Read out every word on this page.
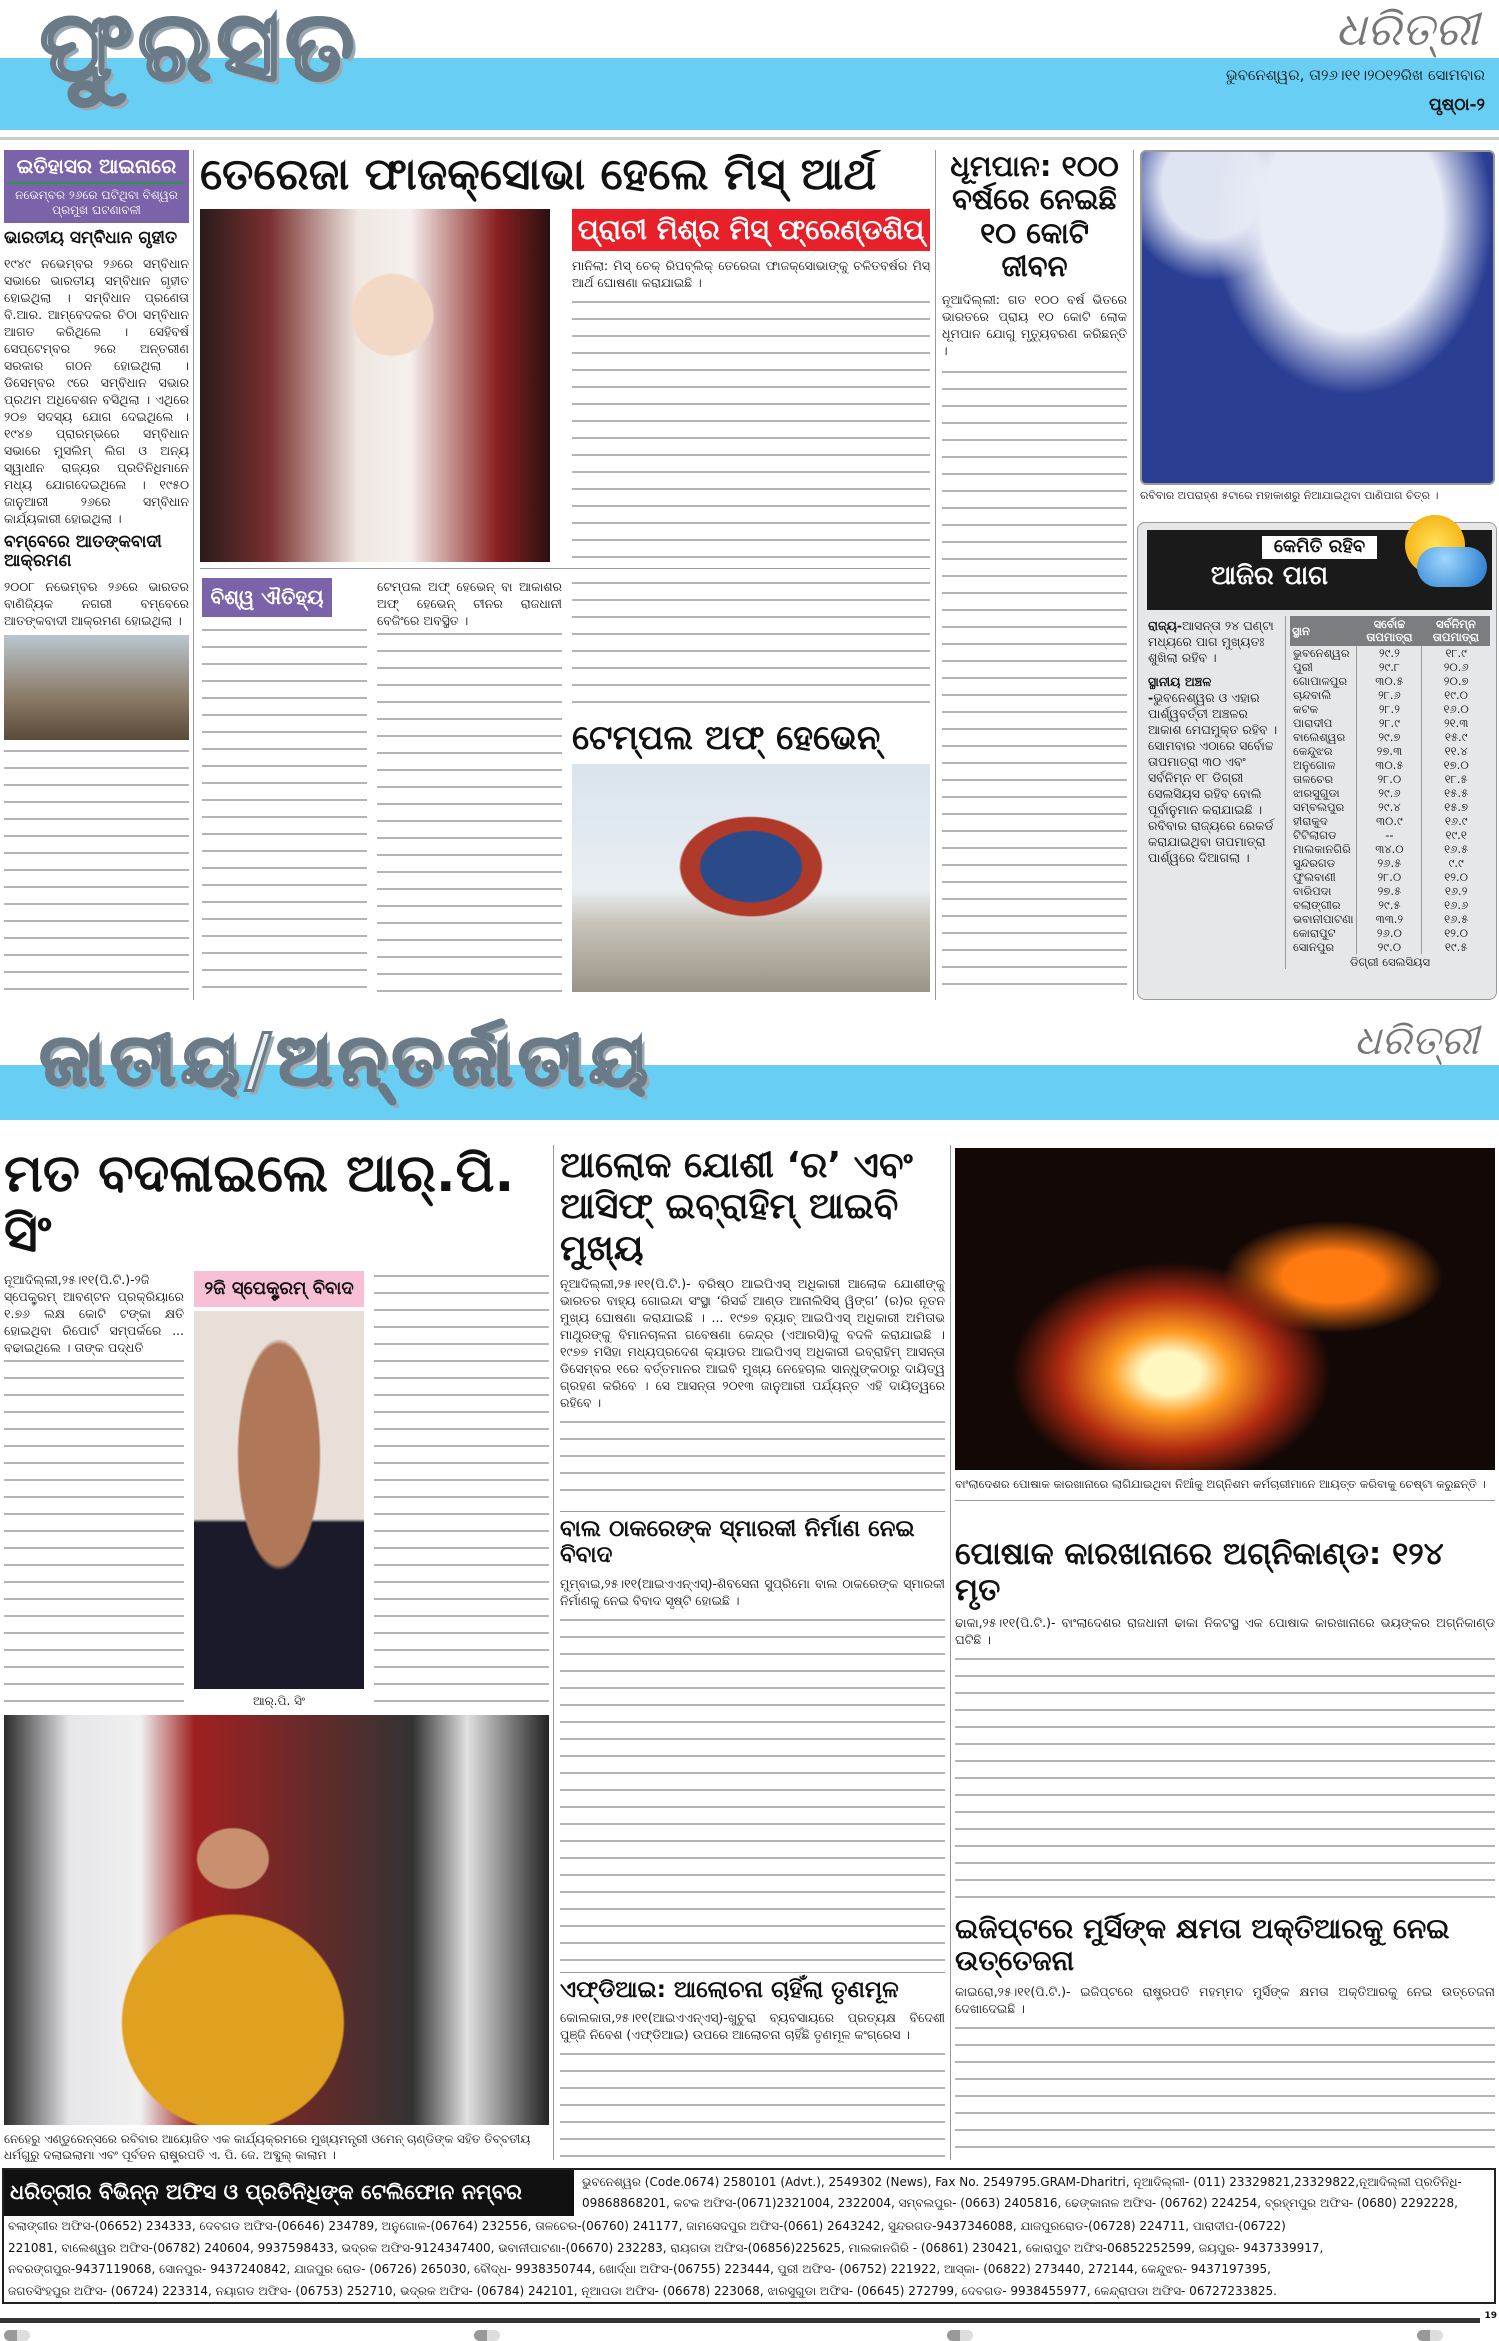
ଫୁରସତ	ଧରିତ୍ରୀ
ଭୁବନେଶ୍ୱର, ତା୨୬।୧୧।୨୦୧୨ରିଖ ସୋମବାର
ପୃଷ୍ଠା-୨
ଇତିହାସର ଆଇନାରେ
ନଭେମ୍ବର ୨୬ରେ ଘଟିଥିବା ବିଶ୍ୱର ପ୍ରମୁଖ ଘଟଣାବଳୀ
ଭାରତୀୟ ସମ୍ବିଧାନ ଗୃହୀତ
୧୯୪୯ ନଭେମ୍ବର ୨୬ରେ ସମ୍ବିଧାନ ସଭାରେ ଭାରତୀୟ ସମ୍ବିଧାନ ଗୃହୀତ ହୋଇଥିଲା । ସମ୍ବିଧାନ ପ୍ରଣେତା ବି.ଆର. ଆମ୍ବେଦକର ଚିଠା ସମ୍ବିଧାନ ଆଗତ କରିଥିଲେ । ସେହିବର୍ଷ ସେପ୍ଟେମ୍ବର ୨ରେ ଅନ୍ତରୀଣ ସରକାର ଗଠନ ହୋଇଥିଲା । ଡିସେମ୍ବର ୯ରେ ସମ୍ବିଧାନ ସଭାର ପ୍ରଥମ ଅଧିବେଶନ ବସିଥିଲା । ଏଥିରେ ୨୦୭ ସଦସ୍ୟ ଯୋଗ ଦେଇଥିଲେ । ୧୯୪୭ ପ୍ରାରମ୍ଭରେ ସମ୍ବିଧାନ ସଭାରେ ମୁସଲିମ୍ ଲିଗ ଓ ଅନ୍ୟ ସ୍ୱାଧୀନ ରାଜ୍ୟର ପ୍ରତିନିଧିମାନେ ମଧ୍ୟ ଯୋଗଦେଇଥିଲେ । ୧୯୫୦ ଜାନୁଆରୀ ୨୬ରେ ସମ୍ବିଧାନ କାର୍ଯ୍ୟକାରୀ ହୋଇଥିଲା ।
ବମ୍ବେରେ ଆତଙ୍କବାଦୀ ଆକ୍ରମଣ
୨୦୦୮ ନଭେମ୍ବର ୨୬ରେ ଭାରତର ବାଣିଜ୍ୟିକ ନଗରୀ ବମ୍ବେରେ ଆତଙ୍କବାଦୀ ଆକ୍ରମଣ ହୋଇଥିଲା ।
ତେରେଜା ଫାଜକ୍‌ସୋଭା ହେଲେ ମିସ୍ ଆର୍ଥ
ପ୍ରାଚୀ ମିଶ୍ର ମିସ୍ ଫ୍ରେଣ୍ଡଶିପ୍
ମାନିଲା: ମିସ୍ ଚେକ୍ ରିପବ୍ଲିକ୍ ତେରେଜା ଫାଜକ୍‌ସୋଭାଙ୍କୁ ଚଳିତବର୍ଷର ମିସ୍ ଆର୍ଥ ଘୋଷଣା କରାଯାଇଛି ।
ବିଶ୍ୱ ଐତିହ୍ୟ	ଟେମ୍ପଲ ଅଫ୍ ହେଭେନ୍ ବା ଆକାଶର ଅଫ୍ ହେଭେନ୍ ଚୀନର ରାଜଧାନୀ ବେଜିଂରେ ଅବସ୍ଥିତ ।
ଟେମ୍ପଲ ଅଫ୍ ହେଭେନ୍
ଧୂମପାନ: ୧୦୦ ବର୍ଷରେ ନେଇଛି ୧୦ କୋଟି ଜୀବନ
ନୂଆଦିଲ୍ଲୀ: ଗତ ୧୦୦ ବର୍ଷ ଭିତରେ ଭାରତରେ ପ୍ରାୟ ୧୦ କୋଟି ଲୋକ ଧୂମପାନ ଯୋଗୁ ମୃତ୍ୟୁବରଣ କରିଛନ୍ତି ।
ରବିବାର ଅପରାହ୍ଣ ୫ଟାରେ ମହାକାଶରୁ ନିଆଯାଇଥିବା ପାଣିପାଗ ଚିତ୍ର ।
କେମିତି ରହିବ
ଆଜିର ପାଗ
ରାଜ୍ୟ-ଆସନ୍ତା ୨୪ ଘଣ୍ଟା ମଧ୍ୟରେ ପାଗ ମୁଖ୍ୟତଃ ଶୁଖିଲା ରହିବ ।
ସ୍ଥାନୀୟ ଅଞ୍ଚଳ -ଭୁବନେଶ୍ୱର ଓ ଏହାର ପାର୍ଶ୍ୱବର୍ତ୍ତୀ ଅଞ୍ଚଳର ଆକାଶ ମେଘମୁକ୍ତ ରହିବ । ସୋମବାର ଏଠାରେ ସର୍ବୋଚ୍ଚ ତାପମାତ୍ରା ୩୦ ଏବଂ ସର୍ବନିମ୍ନ ୧୮ ଡିଗ୍ରୀ ସେଲସିୟସ ରହିବ ବୋଲି ପୂର୍ବାନୁମାନ କରାଯାଇଛି । ରବିବାର ରାଜ୍ୟରେ ରେକର୍ଡ କରାଯାଇଥିବା ତାପମାତ୍ରା ପାର୍ଶ୍ୱରେ ଦିଆଗଲା ।
ସ୍ଥାନ	ସର୍ବୋଚ୍ଚ ତାପମାତ୍ରା	ସର୍ବନିମ୍ନ ତାପମାତ୍ରା
ଭୁବନେଶ୍ୱର	୨୯.୨	୧୮.୯
ପୁରୀ	୨୯.୮	୨୦.୬
ଗୋପାଳପୁର	୩୦.୫	୨୦.୭
ଚାନ୍ଦବାଲି	୨୮.୬	୧୯.୦
କଟକ	୨୮.୨	୧୬.୦
ପାରାଦୀପ	୨୮.୯	୨୧.୩
ବାଲେଶ୍ୱର	୨୯.୭	୧୫.୯
କେନ୍ଦୁଝର	୨୭.୩	୧୧.୪
ଅନୁଗୋଳ	୩୦.୫	୧୭.୦
ତାଳଚେର	୨୮.୦	୧୮.୫
ଝାରସୁଗୁଡା	୨୯.୬	୧୫.୫
ସମ୍ବଲପୁର	୨୯.୪	୧୫.୭
ହୀରାକୁଦ	୩୦.୯	୧୬.୯
ଟିଟିଲାଗଡ	--	୧୯.୧
ମାଲକାନଗିରି	୩୪.୦	୧୬.୫
ସୁନ୍ଦରଗଡ	୨୬.୫	୯.୯
ଫୁଲବାଣୀ	୨୮.୦	୧୨.୦
ବାରିପଦା	୨୭.୫	୧୬.୨
ବଲାଙ୍ଗୀର	୨୯.୫	୧୬.୬
ଭବାନୀପାଟଣା	୩୩.୨	୧୬.୫
କୋରାପୁଟ	୨୬.୦	୧୨.୦
ସୋନପୁର	୨୯.୦	୧୯.୫
ଡିଗ୍ରୀ ସେଲସିୟସ
ଜାତୀୟ/ଅନ୍ତର୍ଜାତୀୟ	ଧରିତ୍ରୀ
ମତ ବଦଳାଇଲେ ଆର୍.ପି. ସିଂ
ନୂଆଦିଲ୍ଲୀ,୨୫।୧୧(ପି.ଟି.)-୨ଜି ସ୍ପେକ୍ଟ୍ରମ୍ ଆବଣ୍ଟନ ପ୍ରକ୍ରିୟାରେ ୧.୭୬ ଲକ୍ଷ କୋଟି ଟଙ୍କା କ୍ଷତି ହୋଇଥିବା ରିପୋର୍ଟ ସମ୍ପର୍କରେ ... ବଢାଇଥିଲେ । ତାଙ୍କ ପଦ୍ଧତି
୨ଜି ସ୍ପେକ୍ଟ୍ରମ୍ ବିବାଦ
ଆର୍.ପି. ସିଂ
ନେହେରୁ ଏଣ୍ଡୁରେନ୍‌ସରେ ରବିବାର ଆୟୋଜିତ ଏକ କାର୍ଯ୍ୟକ୍ରମରେ ମୁଖ୍ୟମନ୍ତ୍ରୀ ଓମେନ୍ ଚାଣ୍ଡିଙ୍କ ସହିତ ତିବ୍ବତୀୟ ଧର୍ମଗୁରୁ ଦଲାଇଲାମା ଏବଂ ପୂର୍ବତନ ରାଷ୍ଟ୍ରପତି ଏ. ପି. ଜେ. ଅବ୍ଦୁଲ୍ କାଲାମ ।
ଆଲୋକ ଯୋଶୀ ‘ର’ ଏବଂ ଆସିଫ୍ ଇବ୍ରାହିମ୍ ଆଇବି ମୁଖ୍ୟ
ନୂଆଦିଲ୍ଲୀ,୨୫।୧୧(ପି.ଟି.)- ବରିଷ୍ଠ ଆଇପିଏସ୍ ଅଧିକାରୀ ଆଲୋକ ଯୋଶୀଙ୍କୁ ଭାରତର ବାହ୍ୟ ଗୋଇନ୍ଦା ସଂସ୍ଥା ‘ରିସର୍ଚ୍ଚ ଆଣ୍ଡ ଆନାଲିସିସ୍ ୱିଙ୍ଗ’ (ର)ର ନୂତନ ମୁଖ୍ୟ ଘୋଷଣା କରାଯାଇଛି । ... ୧୯୭୭ ବ୍ୟାଚ୍ ଆଇପିଏସ୍ ଅଧିକାରୀ ଅମିତାଭ ମାଥୁରଙ୍କୁ ବିମାନଚାଳନା ଗବେଷଣା କେନ୍ଦ୍ର (ଏଆରସି)କୁ ବଦଳି କରାଯାଇଛି । ୧୯୭୭ ମସିହା ମଧ୍ୟପ୍ରଦେଶ କ୍ୟାଡର ଆଇପିଏସ୍ ଅଧିକାରୀ ଇବ୍ରାହିମ୍ ଆସନ୍ତା ଡିସେମ୍ବର ୧ରେ ବର୍ତ୍ତମାନର ଆଇବି ମୁଖ୍ୟ ନେହେଚାଲ ସାନ୍ଧୁଙ୍କଠାରୁ ଦାୟିତ୍ୱ ଗ୍ରହଣ କରିବେ । ସେ ଆସନ୍ତା ୨୦୧୩ ଜାନୁଆରୀ ପର୍ଯ୍ୟନ୍ତ ଏହି ଦାୟିତ୍ୱରେ ରହିବେ ।
ବାଲ ଠାକରେଙ୍କ ସ୍ମାରକୀ ନିର୍ମାଣ ନେଇ ବିବାଦ
ମୁମ୍ବାଇ,୨୫।୧୧(ଆଇଏଏନ୍‌ଏସ୍)-ଶିବସେନା ସୁପ୍ରିମୋ ବାଲ ଠାକରେଙ୍କ ସ୍ମାରକୀ ନିର୍ମାଣକୁ ନେଇ ବିବାଦ ସୃଷ୍ଟି ହୋଇଛି ।
ଏଫ୍‌ଡିଆଇ: ଆଲୋଚନା ଚାହିଁଲା ତୃଣମୂଳ
କୋଲକାତା,୨୫।୧୧(ଆଇଏଏନ୍‌ଏସ୍)-ଖୁଚୁରା ବ୍ୟବସାୟରେ ପ୍ରତ୍ୟକ୍ଷ ବିଦେଶୀ ପୁଞ୍ଜି ନିବେଶ (ଏଫ୍‌ଡିଆଇ) ଉପରେ ଆଲୋଚନା ଚାହିଁଛି ତୃଣମୂଳ କଂଗ୍ରେସ ।
ବାଂଲାଦେଶର ପୋଷାକ କାରଖାନାରେ ଲାଗିଯାଇଥିବା ନିଆଁକୁ ଅଗ୍ନିଶମ କର୍ମଚାରୀମାନେ ଆୟତ୍ତ କରିବାକୁ ଚେଷ୍ଟା କରୁଛନ୍ତି ।
ପୋଷାକ କାରଖାନାରେ ଅଗ୍ନିକାଣ୍ଡ: ୧୨୪ ମୃତ
ଢାକା,୨୫।୧୧(ପି.ଟି.)- ବାଂଲାଦେଶର ରାଜଧାନୀ ଢାକା ନିକଟସ୍ଥ ଏକ ପୋଷାକ କାରଖାନାରେ ଭୟଙ୍କର ଅଗ୍ନିକାଣ୍ଡ ଘଟିଛି ।
ଇଜିପ୍ଟରେ ମୁର୍ସିଙ୍କ କ୍ଷମତା ଅକ୍ତିଆରକୁ ନେଇ ଉତ୍ତେଜନା
କାଇରୋ,୨୫।୧୧(ପି.ଟି.)- ଇଜିପ୍ଟରେ ରାଷ୍ଟ୍ରପତି ମହମ୍ମଦ ମୁର୍ସିଙ୍କ କ୍ଷମତା ଅକ୍ତିଆରକୁ ନେଇ ଉତ୍ତେଜନା ଦେଖାଦେଇଛି ।
ଧରିତ୍ରୀର ବିଭିନ୍ନ ଅଫିସ ଓ ପ୍ରତିନିଧିଙ୍କ ଟେଲିଫୋନ ନମ୍ବର	ଭୁବନେଶ୍ୱର (Code.0674) 2580101 (Advt.), 2549302 (News), Fax No. 2549795.GRAM-Dharitri, ନୂଆଦିଲ୍ଲୀ- (011) 23329821,23329822,ନୂଆଦିଲ୍ଲୀ ପ୍ରତିନିଧି-
09868868201, କଟକ ଅଫିସ-(0671)2321004, 2322004, ସମ୍ବଲପୁର- (0663) 2405816, ଢେଙ୍କାନାଳ ଅଫିସ- (06762) 224254, ବ୍ରହ୍ମପୁର ଅଫିସ- (0680) 2292228,
ବଲାଙ୍ଗୀର ଅଫିସ-(06652) 234333, ଦେବଗଡ ଅଫିସ-(06646) 234789, ଅନୁଗୋଳ-(06764) 232556, ତାଳଚେର-(06760) 241177, ଜାମସେଦପୁର ଅଫିସ-(0661) 2643242, ସୁନ୍ଦରଗଡ-9437346088, ଯାଜପୁରରୋଡ-(06728) 224711, ପାରାଦୀପ-(06722)
221081, ବାଲେଶ୍ୱର ଅଫିସ-(06782) 240604, 9937598433, ଭଦ୍ରକ ଅଫିସ-9124347400, ଭବାନୀପାଟଣା-(06670) 232283, ରାୟଗଡା ଅଫିସ-(06856)225625, ମାଲକାନଗିରି - (06861) 230421, କୋରାପୁଟ ଅଫିସ-06852252599, ଜୟପୁର- 9437339917,
ନବରଙ୍ଗପୁର-9437119068, ସୋନପୁର- 9437240842, ଯାଜପୁର ରୋଡ- (06726) 265030, ବୌଦ୍ଧ- 9938350744, ଖୋର୍ଦ୍ଧା ଅଫିସ-(06755) 223444, ପୁରୀ ଅଫିସ- (06752) 221922, ଆସ୍କା- (06822) 273440, 272144, କେନ୍ଦୁଝର- 9437197395,
ଜଗତସିଂହପୁର ଅଫିସ- (06724) 223314, ନୟାଗଡ ଅଫିସ- (06753) 252710, ଭଦ୍ରକ ଅଫିସ- (06784) 242101, ନୂଆପଡା ଅଫିସ- (06678) 223068, ଝାରସୁଗୁଡା ଅଫିସ- (06645) 272799, ଦେବଗଡ- 9938455977, କେନ୍ଦ୍ରାପଡା ଅଫିସ- 06727233825.
19
